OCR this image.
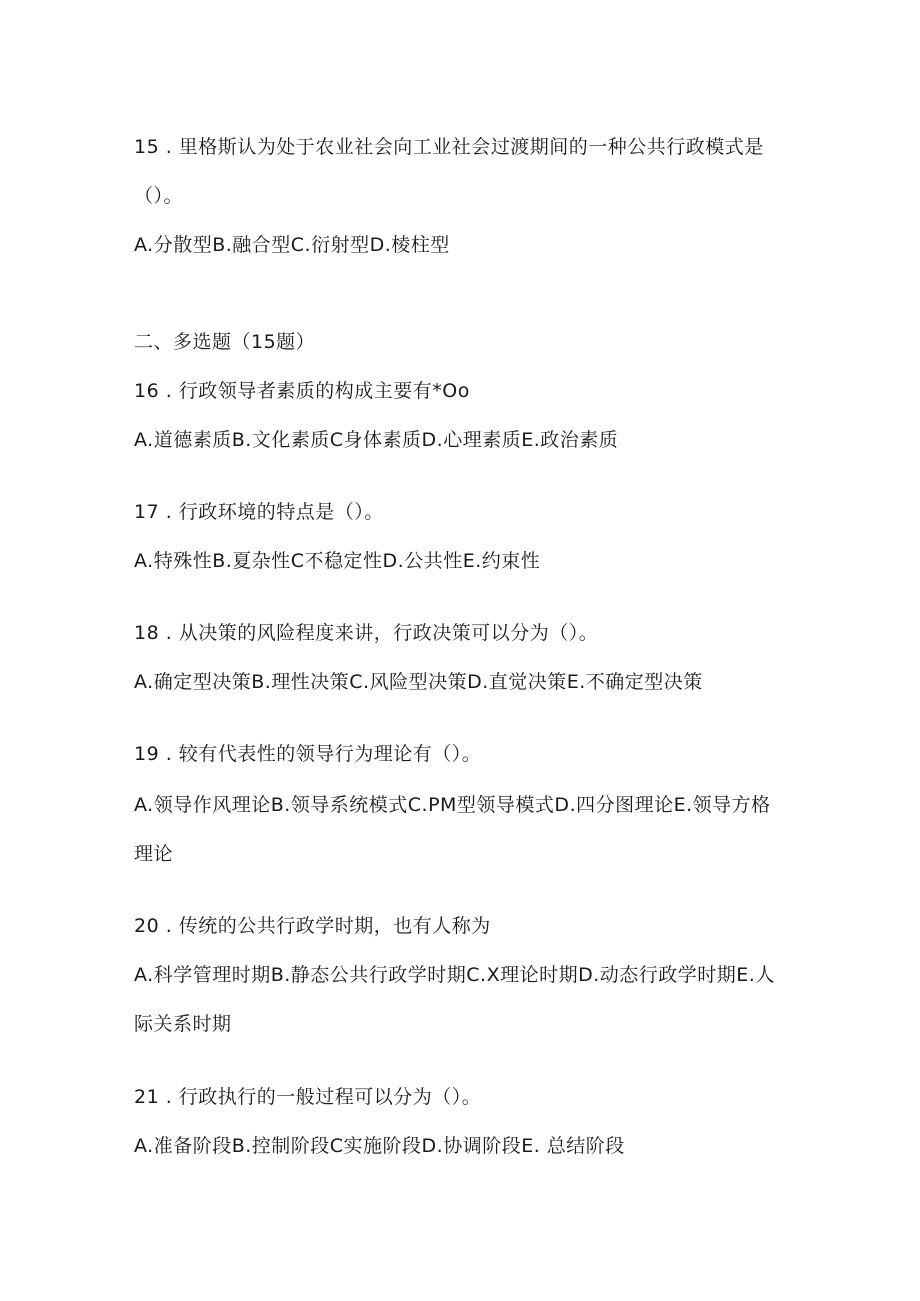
15 . 里格斯认为处于农业社会向工业社会过渡期间的一种公共行政模式是
（）。
A.分散型B.融合型C.衍射型D.棱柱型
二、多选题（15题）
16 . 行政领导者素质的构成主要有*Oo
A.道德素质B.文化素质C身体素质D.心理素质E.政治素质
17 . 行政环境的特点是（）。
A.特殊性B.夏杂性C不稳定性D.公共性E.约束性
18 . 从决策的风险程度来讲，行政决策可以分为（）。
A.确定型决策B.理性决策C.风险型决策D.直觉决策E.不确定型决策
19 . 较有代表性的领导行为理论有（）。
A.领导作风理论B.领导系统模式C.PM型领导模式D.四分图理论E.领导方格
理论
20 . 传统的公共行政学时期，也有人称为
A.科学管理时期B.静态公共行政学时期C.X理论时期D.动态行政学时期E.人
际关系时期
21 . 行政执行的一般过程可以分为（）。
A.准备阶段B.控制阶段C实施阶段D.协调阶段E. 总结阶段
